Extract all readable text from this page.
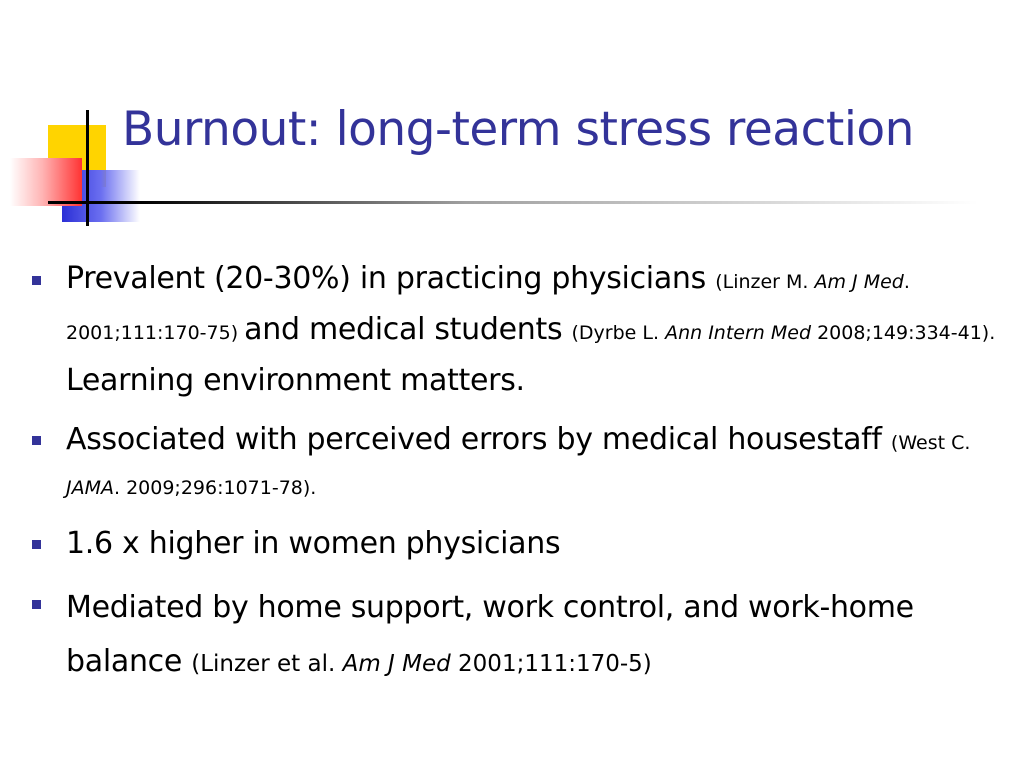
Burnout: long-term stress reaction
Prevalent (20-30%) in practicing physicians (Linzer M. Am J Med. 2001;111:170-75) and medical students (Dyrbe L. Ann Intern Med 2008;149:334-41). Learning environment matters.
Associated with perceived errors by medical housestaff (West C. JAMA. 2009;296:1071-78).
1.6 x higher in women physicians
Mediated by home support, work control, and work-home balance (Linzer et al. Am J Med 2001;111:170-5)
